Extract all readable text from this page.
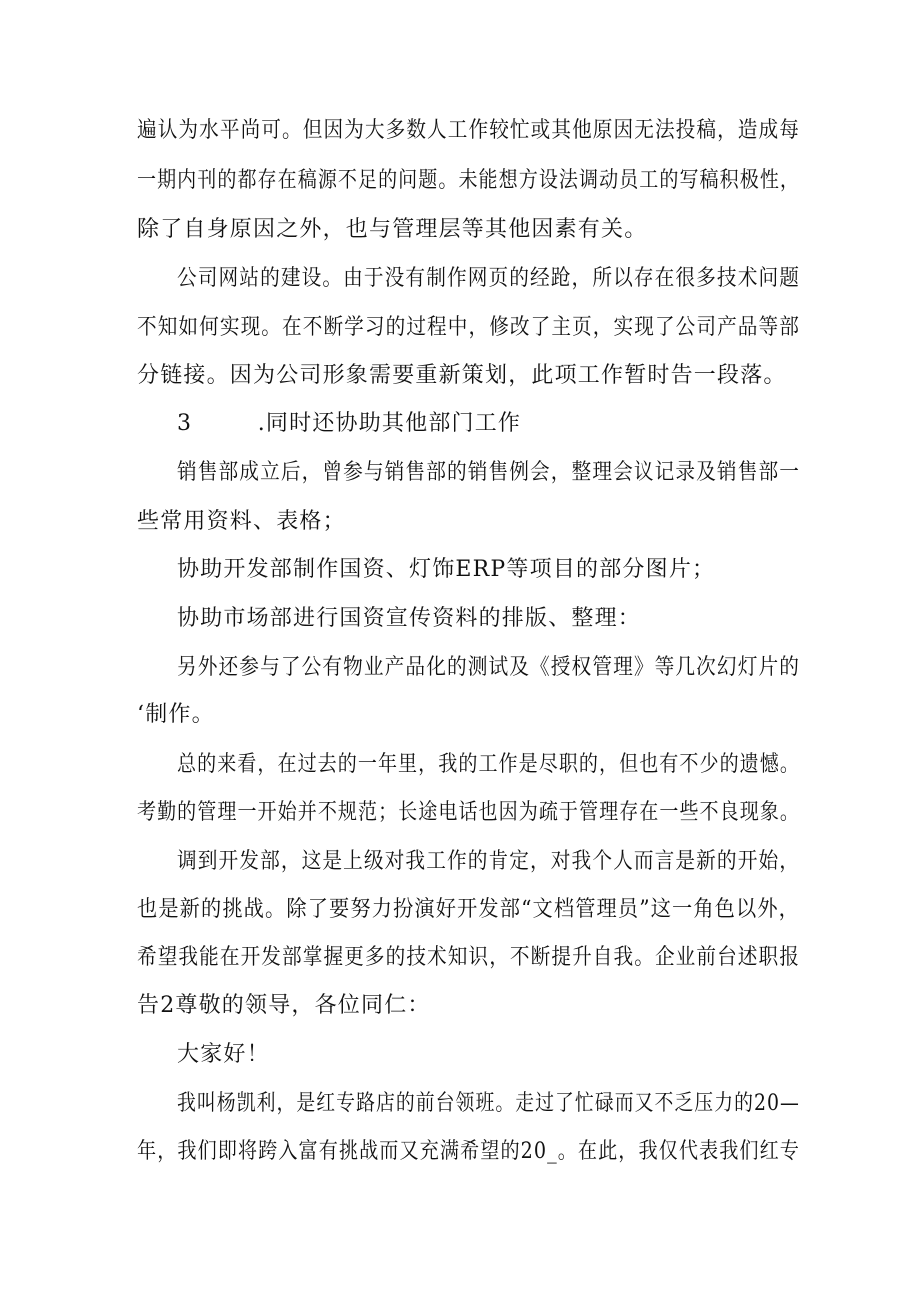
遍认为水平尚可。但因为大多数人工作较忙或其他原因无法投稿，造成每
一期内刊的都存在稿源不足的问题。未能想方设法调动员工的写稿积极性，
除了自身原因之外，也与管理层等其他因素有关。
公司网站的建设。由于没有制作网页的经跄，所以存在很多技术问题
不知如何实现。在不断学习的过程中，修改了主页，实现了公司产品等部
分链接。因为公司形象需要重新策划，此项工作暂时告一段落。
3        .同时还协助其他部门工作
销售部成立后，曾参与销售部的销售例会，整理会议记录及销售部一
些常用资料、表格；
协助开发部制作国资、灯饰ERP等项目的部分图片；
协助市场部进行国资宣传资料的排版、整理：
另外还参与了公有物业产品化的测试及《授权管理》等几次幻灯片的
‘制作。
总的来看，在过去的一年里，我的工作是尽职的，但也有不少的遗憾。
考勤的管理一开始并不规范；长途电话也因为疏于管理存在一些不良现象。
调到开发部，这是上级对我工作的肯定，对我个人而言是新的开始，
也是新的挑战。除了要努力扮演好开发部“文档管理员”这一角色以外，
希望我能在开发部掌握更多的技术知识，不断提升自我。企业前台述职报
告2尊敬的领导，各位同仁：
大家好！
我叫杨凯利，是红专路店的前台领班。走过了忙碌而又不乏压力的20—
年，我们即将跨入富有挑战而又充满希望的20_。在此，我仅代表我们红专
